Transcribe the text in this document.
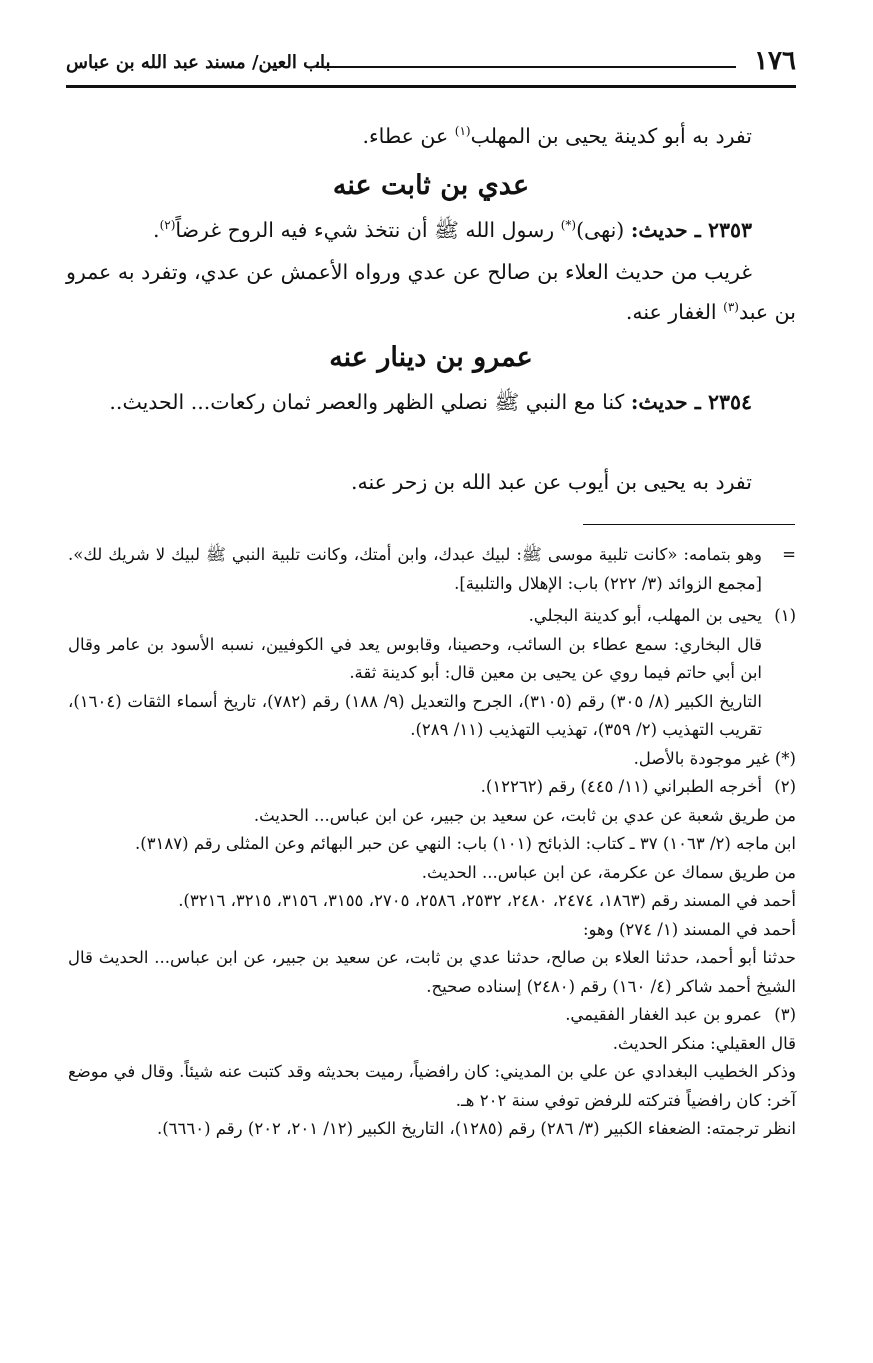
١٧٦
باب العين/ مسند عبد الله بن عباس
تفرد به أبو كدينة يحيى بن المهلب$^{(١)}$ عن عطاء.
عدي بن ثابت عنه
٢٣٥٣ ـ حديث: (نهى)(*) رسول الله ﷺ أن نتخذ شيء فيه الروح غرضاً$^{(٢)}$.
غريب من حديث العلاء بن صالح عن عدي ورواه الأعمش عن عدي، وتفرد به عمرو بن عبد$^{(٣)}$ الغفار عنه.
عمرو بن دينار عنه
٢٣٥٤ ـ حديث: كنا مع النبي ﷺ نصلي الظهر والعصر ثمان ركعات... الحديث..
تفرد به يحيى بن أيوب عن عبد الله بن زحر عنه.
=
وهو بتمامه: «كانت تلبية موسى ﷺ: لبيك عبدك، وابن أمتك، وكانت تلبية النبي ﷺ لبيك لا شريك لك». [مجمع الزوائد (٣/ ٢٢٢) باب: الإهلال والتلبية].
(١)
يحيى بن المهلب، أبو كدينة البجلي.

قال البخاري: سمع عطاء بن السائب، وحصينا، وقابوس يعد في الكوفيين، نسبه الأسود بن عامر وقال ابن أبي حاتم فيما روي عن يحيى بن معين قال: أبو كدينة ثقة.

التاريخ الكبير (٨/ ٣٠٥) رقم (٣١٠٥)، الجرح والتعديل (٩/ ١٨٨) رقم (٧٨٢)، تاريخ أسماء الثقات (١٦٠٤)، تقريب التهذيب (٢/ ٣٥٩)، تهذيب التهذيب (١١/ ٢٨٩).

(*) غير موجودة بالأصل.
(٢)
أخرجه الطبراني (١١/ ٤٤٥) رقم (١٢٢٦٢).

من طريق شعبة عن عدي بن ثابت، عن سعيد بن جبير، عن ابن عباس... الحديث.

ابن ماجه (٢/ ١٠٦٣) ٣٧ ـ كتاب: الذبائح (١٠١) باب: النهي عن حبر البهائم وعن المثلى رقم (٣١٨٧).

من طريق سماك عن عكرمة، عن ابن عباس... الحديث.

أحمد في المسند رقم (١٨٦٣، ٢٤٧٤، ٢٤٨٠، ٢٥٣٢، ٢٥٨٦، ٢٧٠٥، ٣١٥٥، ٣١٥٦، ٣٢١٥، ٣٢١٦).

أحمد في المسند (١/ ٢٧٤) وهو:

حدثنا أبو أحمد، حدثنا العلاء بن صالح، حدثنا عدي بن ثابت، عن سعيد بن جبير، عن ابن عباس... الحديث قال الشيخ أحمد شاكر (٤/ ١٦٠) رقم (٢٤٨٠) إسناده صحيح.

(٣)
عمرو بن عبد الغفار الفقيمي.

قال العقيلي: منكر الحديث.

وذكر الخطيب البغدادي عن علي بن المديني: كان رافضياً، رميت بحديثه وقد كتبت عنه شيئاً. وقال في موضع آخر: كان رافضياً فتركته للرفض توفي سنة ٢٠٢ هـ.

انظر ترجمته: الضعفاء الكبير (٣/ ٢٨٦) رقم (١٢٨٥)، التاريخ الكبير (١٢/ ٢٠١، ٢٠٢) رقم (٦٦٦٠).
